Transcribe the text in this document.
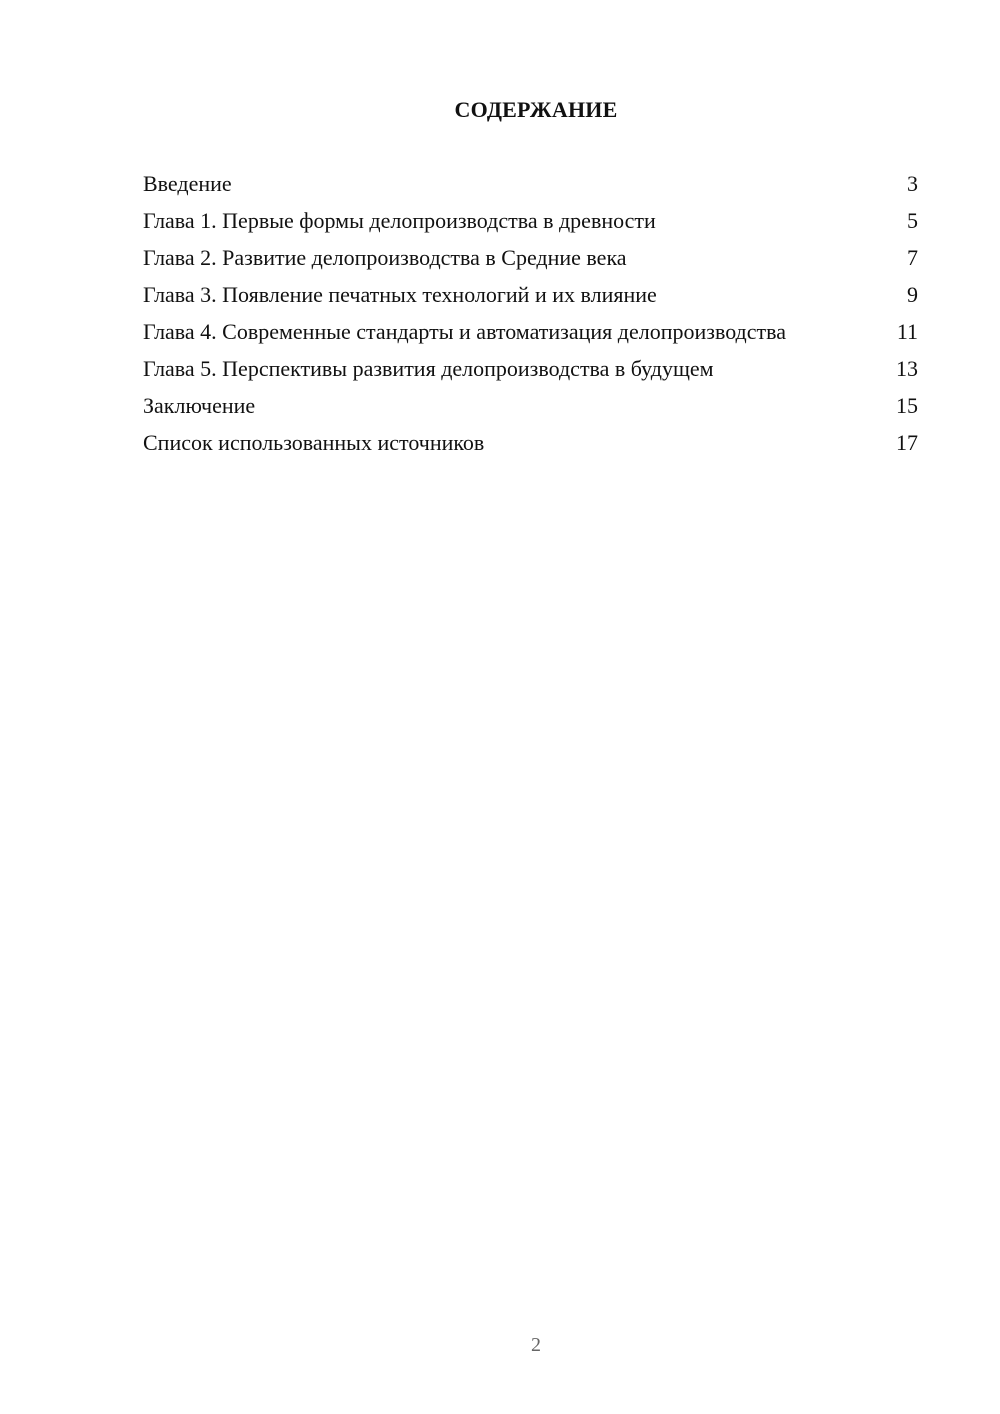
СОДЕРЖАНИЕ
Введение	3
Глава 1. Первые формы делопроизводства в древности	5
Глава 2. Развитие делопроизводства в Средние века	7
Глава 3. Появление печатных технологий и их влияние	9
Глава 4. Современные стандарты и автоматизация делопроизводства	11
Глава 5. Перспективы развития делопроизводства в будущем	13
Заключение	15
Список использованных источников	17
2
